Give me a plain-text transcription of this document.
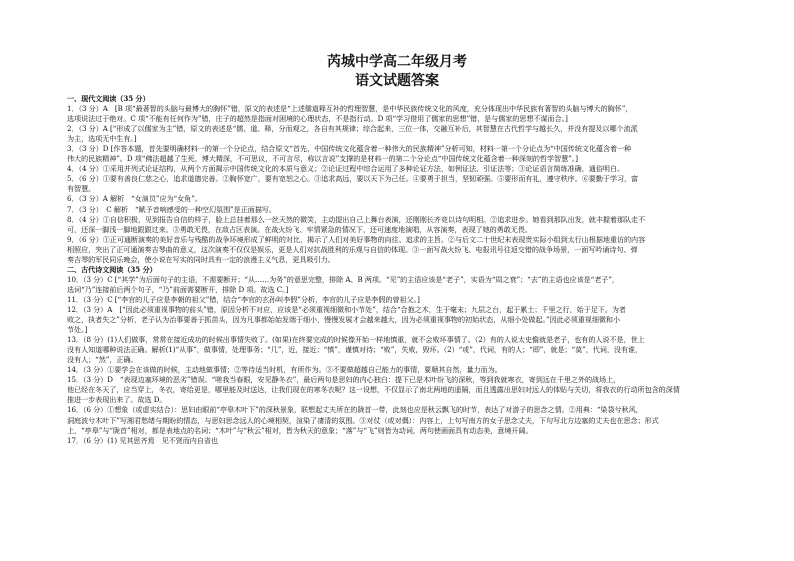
芮城中学高二年级月考
语文试题答案
一、现代文阅读（35 分）
1．（3 分）A　[B 项“最著智的头脑与最博大的胸怀”错，原文的表述是“上述儒道释互补的哲理智慧，是中华民族传统文化的风度，充分体现出中华民族有著智的头脑与博大的胸怀”，
选项说法过于绝对。C 项“不能有任何作为”错，庄子的超然是指面对困境的心理状态，不是指行动。D 项“学习借用了儒家的思想”错，是与儒家的思想不谋而合。]
2．（3 分）A [“形成了以儒家为主”错，原文的表述是“儒、道、释，分而观之，各自有其规律；综合起来，三位一体，交融互补后，其智慧在古代哲学与越长久，并没有提及以哪个流派
为主，选项无中生有。]
3．（3 分）D [作答本题，首先要明确材料一的第一个分论点，结合原文“首先，中国传统文化蕴含着一种伟大的民族精神”分析可知，材料一第一个分论点为“中国传统文化蕴含着一种
伟大的民族精神”。D 项“佛法超越了生死，博大精深，不可思议，不可言尽，称以言说”支撑的是材料一的第二个分论点“中国传统文化蕴含着一种深刻的哲学智慧”。]
4．（4 分）①采用并列式论证结构，从两个方面揭示中国传统文化的本质与意义；②论证过程中综合运用了多种论证方法，如例证法、引证法等；③论证语言简练准确，通俗明白。
5．（6 分）①要有善良仁慈之心，追求道德完善。②胸怀宽广，要有宽恕之心。③追求高远，要以天下为己任。④要勇于担当，坚韧顽强。⑤要形而有礼，遵守秩序。⑥要勤于学习，富
有智慧。
6．（3 分）A 解析　“女演员”应为“女角”。
7．（3 分）　C 解析　“赋予音响感受的一种空幻氛围”是正面描写。
8．（4 分）①自信积极，见到报告自信的样子，脸上总挂着那么一丝天然的微笑，主动提出自己上舞台表演，还刚刚长齐竞以诗句明相。②追求进步。她看到那队出发，就丰握着那队走不
可，还深一脚浅一脚地跟跟过来。③勇敢无畏，在敌占区表演。在战火纷飞、牢情紧急的情况下，还可速度地演唱，从容演奏，表现了她的勇敢无畏。
9．（6 分）①正可通断演奏的美好音乐与残酷的战争环境形成了鲜明的对比，揭示了人们对美好事物的向往、追求的主旨。②与后文二十世纪末表现贵实际小组到太行山根据地重访的内容
相照应，突出了正可通演奏吉琴曲的意义，这次演奏不仅仅是娱乐，更是人们对抗战胜利的乐观与自信的体现。③一面写战火纷飞、电报讯号往返交错的战争场景，一面写吟诵诗句、弹
奏吉琴的军民同乐晚会，使小说在写实的同时具有一定的浪漫主义气息，更具吸引力。
二、古代诗文阅读（35 分）
10．（3 分）C [“其学”为后面句子的主语，不需要断开；“从……为务”的意思完整，排除 A、B 两项。“见”的主语应该是“老子”，实语为“周之衰”；“去”的主语也应该是“老子”，
选词“乃”连接前后两个句子，“乃”前面需要断开，排除 D 项。故选 C。]
11．（3 分）C [“李官的儿子应是李朝的祖父”错，结合“李官的玄孙叫李假”分析，李官的儿子应是李假的曾祖父。]
12．（3 分）A　[“因此必须重视事物的前头”错，原因分析不对应，应该是“必须重视细微和小节处”，结合“合抱之木，生于毫末；九层之台，起于累土；千里之行，始于足下。为者
败之，执者失之”分析，老子认为治事要善于抓苗头，因为凡事都始始发端于细小，慢慢发展才会越来越大，因为必须重视事物的初始状态，从细小处做起。”因此必须重视细微和小
节处。]
13．（8 分）(1)人们做事，常常在接近成功的时候出事情失败了。(如果)在终要完成的时候像开始一样地慎重，就不会败坏事情了。（2）有的人说太史儋就是老子，也有的人说不是，世上
没有人知道哪种说法正确。解析(1)“从事”，做事情，处理事务；“几”，近，接近；“慎”，谨慎对待；“败”，失败，毁坏。（2）“或”，代词，有的人；“即”，就是；“莫”，代词，没有谁，
没有人；“然”，正确。
14．（3 分）①要学会在该做的时候，主动地做事情；②等待适当时机，有所作为。③不要做超越自己能力的事情，要顺其自然，量力而为。
15．（3 分）D　“表现边塞环境的恶劣”错误。“嗟我当春眼，安见静冬衣”，最后两句是思妇的内心独白：提下已是木叶纷飞的深秋，等到我就寒衣，寄到远在千里之外的战场上，
他已经在冬天了，应当穿上，冬衣，寄给更是，哪里能及时送达，让我们现在的寒冬衣呢？这一设想，不仅显示了南北两地的遥隔，而且透露出思妇对远人的体贴与关切，将我衣的行动所包含的深情
推进一步表现出来了。故选 D。
16．（6 分）①想象（或虚实结合）：思妇由眼前“亭皋木叶下”的深秋景象，联想起丈夫所在的陇首一带，此刻也应是秋云飘飞的时节，表达了对游子的思念之情。②用典：“染袋兮秋风，
洞庭波兮木叶下”写湘君愁绪与期盼的情态，与思妇思念远人的心境相契，渲染了凄清的氛围。③对仗（或对偶）：内容上，上句写南方的女子思念丈夫，下句写北方边塞的丈夫也在思念；形式
上，“亭皋”与“陇首”相对，都是表地点的名词；“木叶”与“秋云”相对，皆为秋天的意象；“落”与“飞”则皆为动词，两句使画面具有动态美，意境开阔。
17．（6 分）(1) 见其思齐焉　见不贤而内自省也
